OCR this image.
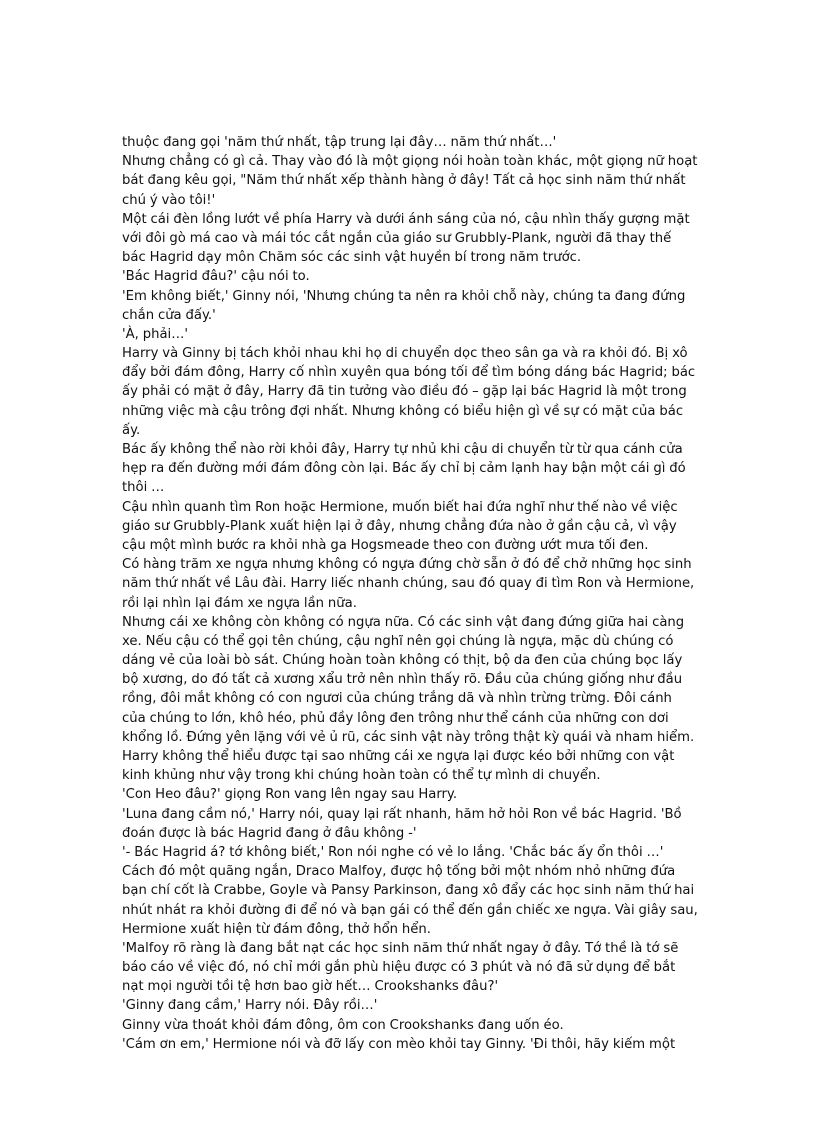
thuộc đang gọi 'năm thứ nhất, tập trung lại đây… năm thứ nhất…'

Nhưng chẳng có gì cả. Thay vào đó là một giọng nói hoàn toàn khác, một giọng nữ hoạt bát đang kêu gọi, "Năm thứ nhất xếp thành hàng ở đây! Tất cả học sinh năm thứ nhất chú ý vào tôi!'

Một cái đèn lồng lướt về phía Harry và dưới ánh sáng của nó, cậu nhìn thấy gượng mặt với đôi gò má cao và mái tóc cắt ngắn của giáo sư Grubbly-Plank, người đã thay thế bác Hagrid dạy môn Chăm sóc các sinh vật huyền bí trong năm trước.

'Bác Hagrid đâu?' cậu nói to.

'Em không biết,' Ginny nói, 'Nhưng chúng ta nên ra khỏi chỗ này, chúng ta đang đứng chắn cửa đấy.'

'À, phải…'

Harry và Ginny bị tách khỏi nhau khi họ di chuyển dọc theo sân ga và ra khỏi đó. Bị xô đẩy bởi đám đông, Harry cố nhìn xuyên qua bóng tối để tìm bóng dáng bác Hagrid; bác ấy phải có mặt ở đây, Harry đã tin tưởng vào điều đó – gặp lại bác Hagrid là một trong những việc mà cậu trông đợi nhất. Nhưng không có biểu hiện gì về sự có mặt của bác ấy.

Bác ấy không thể nào rời khỏi đây, Harry tự nhủ khi cậu di chuyển từ từ qua cánh cửa hẹp ra đến đường mới đám đông còn lại. Bác ấy chỉ bị cảm lạnh hay bận một cái gì đó thôi …

Cậu nhìn quanh tìm Ron hoặc Hermione, muốn biết hai đứa nghĩ như thế nào về việc giáo sư Grubbly-Plank xuất hiện lại ở đây, nhưng chẳng đứa nào ở gần cậu cả, vì vậy cậu một mình bước ra khỏi nhà ga Hogsmeade theo con đường ướt mưa tối đen.

Có hàng trăm xe ngựa nhưng không có ngựa đứng chờ sẵn ở đó để chở những học sinh năm thứ nhất về Lâu đài. Harry liếc nhanh chúng, sau đó quay đi tìm Ron và Hermione, rồi lại nhìn lại đám xe ngựa lần nữa.

Nhưng cái xe không còn không có ngựa nữa. Có các sinh vật đang đứng giữa hai càng xe. Nếu cậu có thể gọi tên chúng, cậu nghĩ nên gọi chúng là ngựa, mặc dù chúng có dáng vẻ của loài bò sát. Chúng hoàn toàn không có thịt, bộ da đen của chúng bọc lấy bộ xương, do đó tất cả xương xẩu trở nên nhìn thấy rõ. Đầu của chúng giống như đầu rồng, đôi mắt không có con ngươi của chúng trắng dã và nhìn trừng trừng. Đôi cánh của chúng to lớn, khô héo, phủ đầy lông đen trông như thể cánh của những con dơi khổng lồ. Đứng yên lặng với vẻ ủ rũ, các sinh vật này trông thật kỳ quái và nham hiểm. Harry không thể hiểu được tại sao những cái xe ngựa lại được kéo bởi những con vật kinh khủng như vậy trong khi chúng hoàn toàn có thể tự mình di chuyển.

'Con Heo đâu?' giọng Ron vang lên ngay sau Harry.

'Luna đang cầm nó,' Harry nói, quay lại rất nhanh, hăm hở hỏi Ron về bác Hagrid. 'Bồ đoán được là bác Hagrid đang ở đâu không -'

'- Bác Hagrid á? tớ không biết,' Ron nói nghe có vẻ lo lắng. 'Chắc bác ấy ổn thôi …'

Cách đó một quãng ngắn, Draco Malfoy, được hộ tống bởi một nhóm nhỏ những đứa bạn chí cốt là Crabbe, Goyle và Pansy Parkinson, đang xô đẩy các học sinh năm thứ hai nhút nhát ra khỏi đường đi để nó và bạn gái có thể đến gần chiếc xe ngựa. Vài giây sau, Hermione xuất hiện từ đám đông, thở hổn hển.

'Malfoy rõ ràng là đang bắt nạt các học sinh năm thứ nhất ngay ở đây. Tớ thề là tớ sẽ báo cáo về việc đó, nó chỉ mới gắn phù hiệu được có 3 phút và nó đã sử dụng để bắt nạt mọi người tồi tệ hơn bao giờ hết… Crookshanks đâu?'

'Ginny đang cầm,' Harry nói. Đây rồi…'

Ginny vừa thoát khỏi đám đông, ôm con Crookshanks đang uốn éo.

'Cám ơn em,' Hermione nói và đỡ lấy con mèo khỏi tay Ginny. 'Đi thôi, hãy kiếm một
